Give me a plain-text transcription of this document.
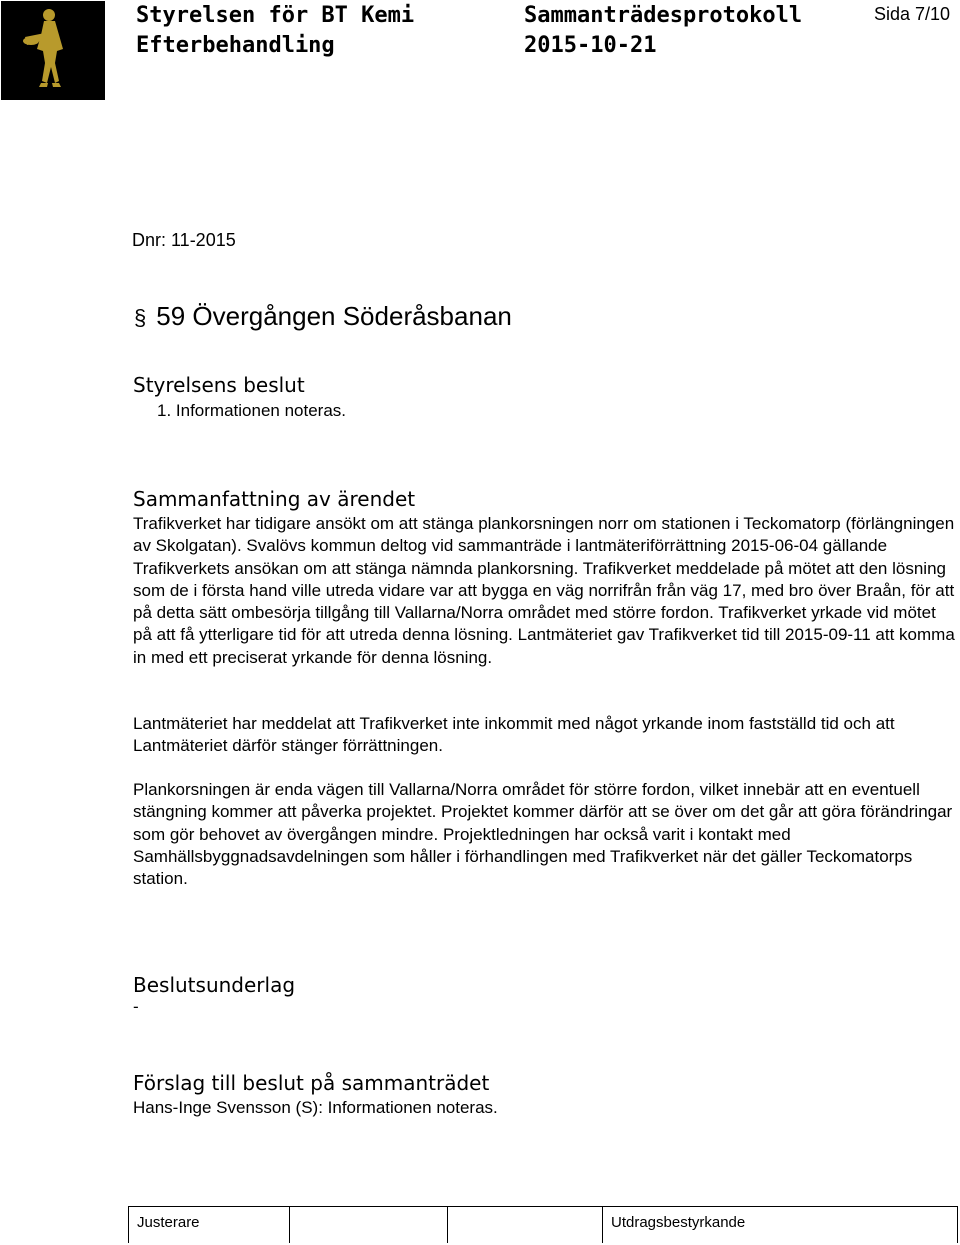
Styrelsen för BT Kemi
Efterbehandling
Sammanträdesprotokoll
2015-10-21
Sida 7/10
Dnr: 11-2015
§ 59 Övergången Söderåsbanan
Styrelsens beslut
1. Informationen noteras.
Sammanfattning av ärendet
Trafikverket har tidigare ansökt om att stänga plankorsningen norr om stationen i Teckomatorp (förlängningen av Skolgatan). Svalövs kommun deltog vid sammanträde i lantmäteriförrättning 2015-06-04 gällande Trafikverkets ansökan om att stänga nämnda plankorsning. Trafikverket meddelade på mötet att den lösning som de i första hand ville utreda vidare var att bygga en väg norrifrån från väg 17, med bro över Braån, för att på detta sätt ombesörja tillgång till Vallarna/Norra området med större fordon. Trafikverket yrkade vid mötet på att få ytterligare tid för att utreda denna lösning. Lantmäteriet gav Trafikverket tid till 2015-09-11 att komma in med ett preciserat yrkande för denna lösning.
Lantmäteriet har meddelat att Trafikverket inte inkommit med något yrkande inom fastställd tid och att Lantmäteriet därför stänger förrättningen.
Plankorsningen är enda vägen till Vallarna/Norra området för större fordon, vilket innebär att en eventuell stängning kommer att påverka projektet. Projektet kommer därför att se över om det går att göra förändringar som gör behovet av övergången mindre. Projektledningen har också varit i kontakt med Samhällsbyggnadsavdelningen som håller i förhandlingen med Trafikverket när det gäller Teckomatorps station.
Beslutsunderlag
-
Förslag till beslut på sammanträdet
Hans-Inge Svensson (S): Informationen noteras.
Justerare	Utdragsbestyrkande
